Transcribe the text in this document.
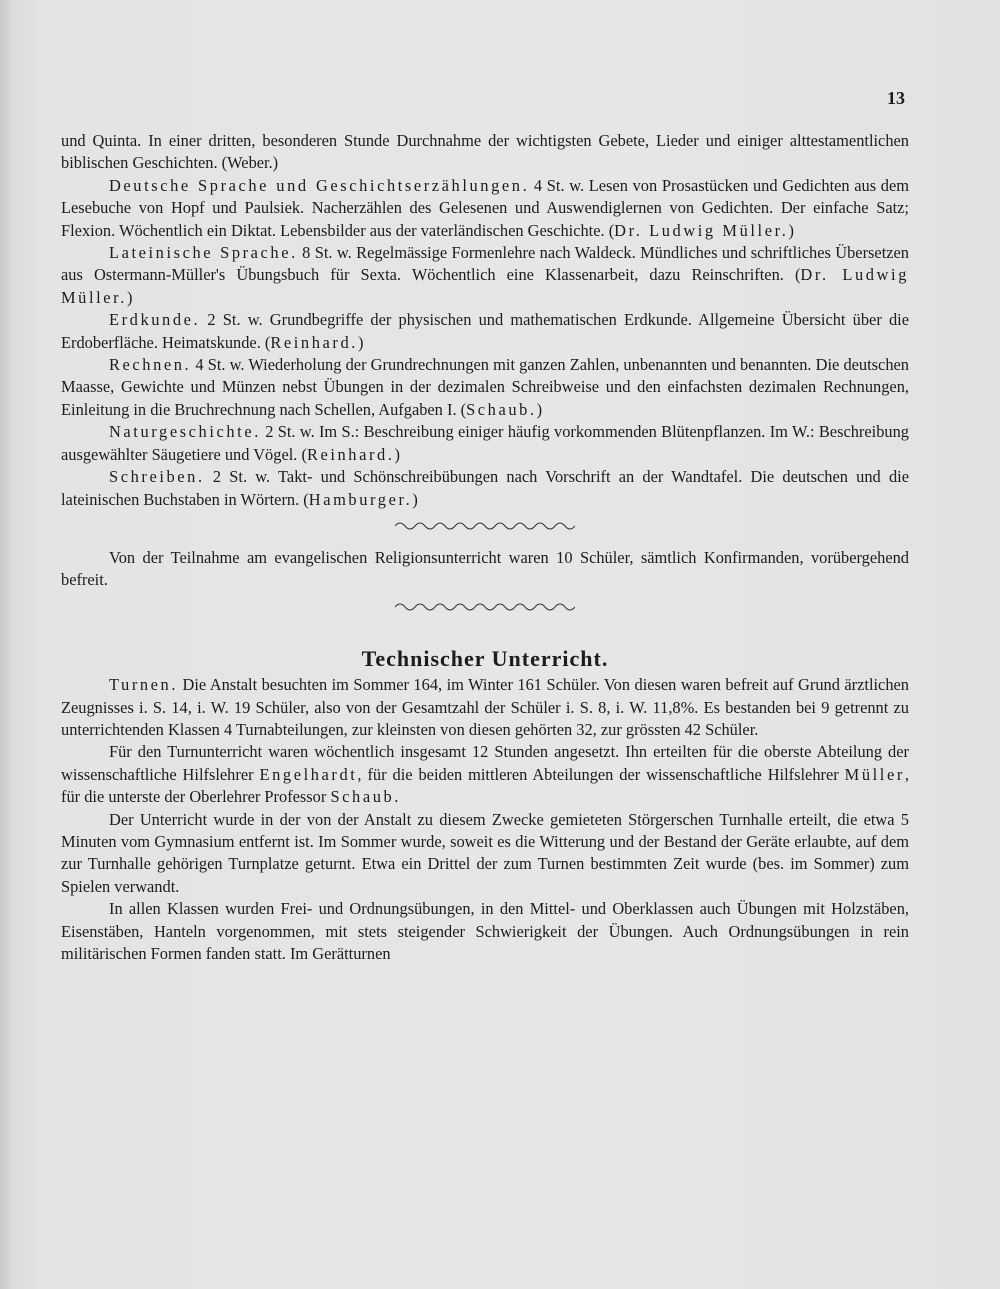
13

und Quinta. In einer dritten, besonderen Stunde Durchnahme der wichtigsten Gebete, Lieder und einiger alttestamentlichen biblischen Geschichten. (Weber.)

Deutsche Sprache und Geschichtserzählungen. 4 St. w. Lesen von Prosastücken und Gedichten aus dem Lesebuche von Hopf und Paulsiek. Nacherzählen des Gelesenen und Auswendiglernen von Gedichten. Der einfache Satz; Flexion. Wöchentlich ein Diktat. Lebensbilder aus der vaterländischen Geschichte. (Dr. Ludwig Müller.)

Lateinische Sprache. 8 St. w. Regelmässige Formenlehre nach Waldeck. Mündliches und schriftliches Übersetzen aus Ostermann-Müller's Übungsbuch für Sexta. Wöchentlich eine Klassenarbeit, dazu Reinschriften. (Dr. Ludwig Müller.)

Erdkunde. 2 St. w. Grundbegriffe der physischen und mathematischen Erdkunde. Allgemeine Übersicht über die Erdoberfläche. Heimatskunde. (Reinhard.)

Rechnen. 4 St. w. Wiederholung der Grundrechnungen mit ganzen Zahlen, unbenannten und benannten. Die deutschen Maasse, Gewichte und Münzen nebst Übungen in der dezimalen Schreibweise und den einfachsten dezimalen Rechnungen, Einleitung in die Bruchrechnung nach Schellen, Aufgaben I. (Schaub.)

Naturgeschichte. 2 St. w. Im S.: Beschreibung einiger häufig vorkommenden Blütenpflanzen. Im W.: Beschreibung ausgewählter Säugetiere und Vögel. (Reinhard.)

Schreiben. 2 St. w. Takt- und Schönschreibübungen nach Vorschrift an der Wandtafel. Die deutschen und die lateinischen Buchstaben in Wörtern. (Hamburger.)

Von der Teilnahme am evangelischen Religionsunterricht waren 10 Schüler, sämtlich Konfirmanden, vorübergehend befreit.

Technischer Unterricht.

Turnen. Die Anstalt besuchten im Sommer 164, im Winter 161 Schüler. Von diesen waren befreit auf Grund ärztlichen Zeugnisses i. S. 14, i. W. 19 Schüler, also von der Gesamtzahl der Schüler i. S. 8, i. W. 11,8%. Es bestanden bei 9 getrennt zu unterrichtenden Klassen 4 Turnabteilungen, zur kleinsten von diesen gehörten 32, zur grössten 42 Schüler.

Für den Turnunterricht waren wöchentlich insgesamt 12 Stunden angesetzt. Ihn erteilten für die oberste Abteilung der wissenschaftliche Hilfslehrer Engelhardt, für die beiden mittleren Abteilungen der wissenschaftliche Hilfslehrer Müller, für die unterste der Oberlehrer Professor Schaub.

Der Unterricht wurde in der von der Anstalt zu diesem Zwecke gemieteten Störgerschen Turnhalle erteilt, die etwa 5 Minuten vom Gymnasium entfernt ist. Im Sommer wurde, soweit es die Witterung und der Bestand der Geräte erlaubte, auf dem zur Turnhalle gehörigen Turnplatze geturnt. Etwa ein Drittel der zum Turnen bestimmten Zeit wurde (bes. im Sommer) zum Spielen verwandt.

In allen Klassen wurden Frei- und Ordnungsübungen, in den Mittel- und Oberklassen auch Übungen mit Holzstäben, Eisenstäben, Hanteln vorgenommen, mit stets steigender Schwierigkeit der Übungen. Auch Ordnungsübungen in rein militärischen Formen fanden statt. Im Gerätturnen
